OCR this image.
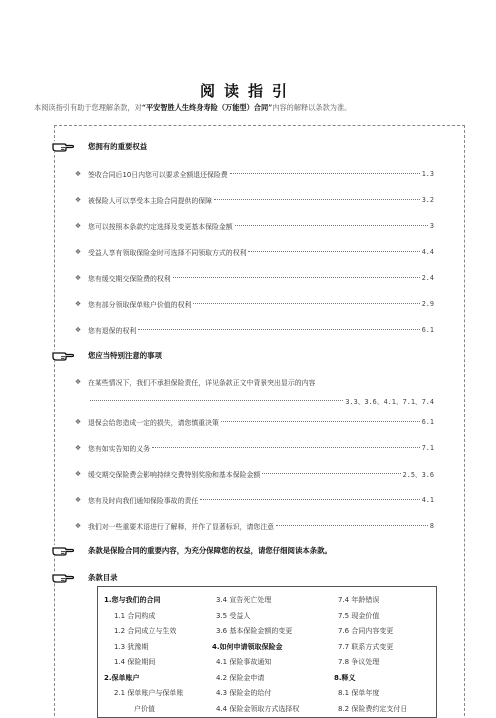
阅读指引
本阅读指引有助于您理解条款，对“平安智胜人生终身寿险（万能型）合同”内容的解释以条款为准。
您拥有的重要权益
❖ 签收合同后10日内您可以要求全额退还保险费	1.3
❖ 被保险人可以享受本主险合同提供的保障	3.2
❖ 您可以按照本条款约定选择及变更基本保险金额	3
❖ 受益人享有领取保险金时可选择不同领取方式的权利	4.4
❖ 您有缓交期交保险费的权利	2.4
❖ 您有部分领取保单账户价值的权利	2.9
❖ 您有退保的权利	6.1
您应当特别注意的事项
❖ 在某些情况下，我们不承担保险责任，详见条款正文中背景突出显示的内容
3.3、3.6、4.1、7.1、7.4
❖ 退保会给您造成一定的损失，请您慎重决策	6.1
❖ 您有如实告知的义务	7.1
❖ 缓交期交保险费会影响持续交费特别奖励和基本保险金额	2.5、3.6
❖ 您有及时向我们通知保险事故的责任	4.1
❖ 我们对一些重要术语进行了解释，并作了显著标识，请您注意	8
条款是保险合同的重要内容，为充分保障您的权益，请您仔细阅读本条款。
条款目录
1.您与我们的合同
1.1 合同构成
1.2 合同成立与生效
1.3 犹豫期
1.4 保险期间
2.保单账户
2.1 保单账户与保单账
户价值
3.4 宣告死亡处理
3.5 受益人
3.6 基本保险金额的变更
4.如何申请领取保险金
4.1 保险事故通知
4.2 保险金申请
4.3 保险金的给付
4.4 保险金领取方式选择权
7.4 年龄错误
7.5 现金价值
7.6 合同内容变更
7.7 联系方式变更
7.8 争议处理
8.释义
8.1 保单年度
8.2 保险费约定支付日
